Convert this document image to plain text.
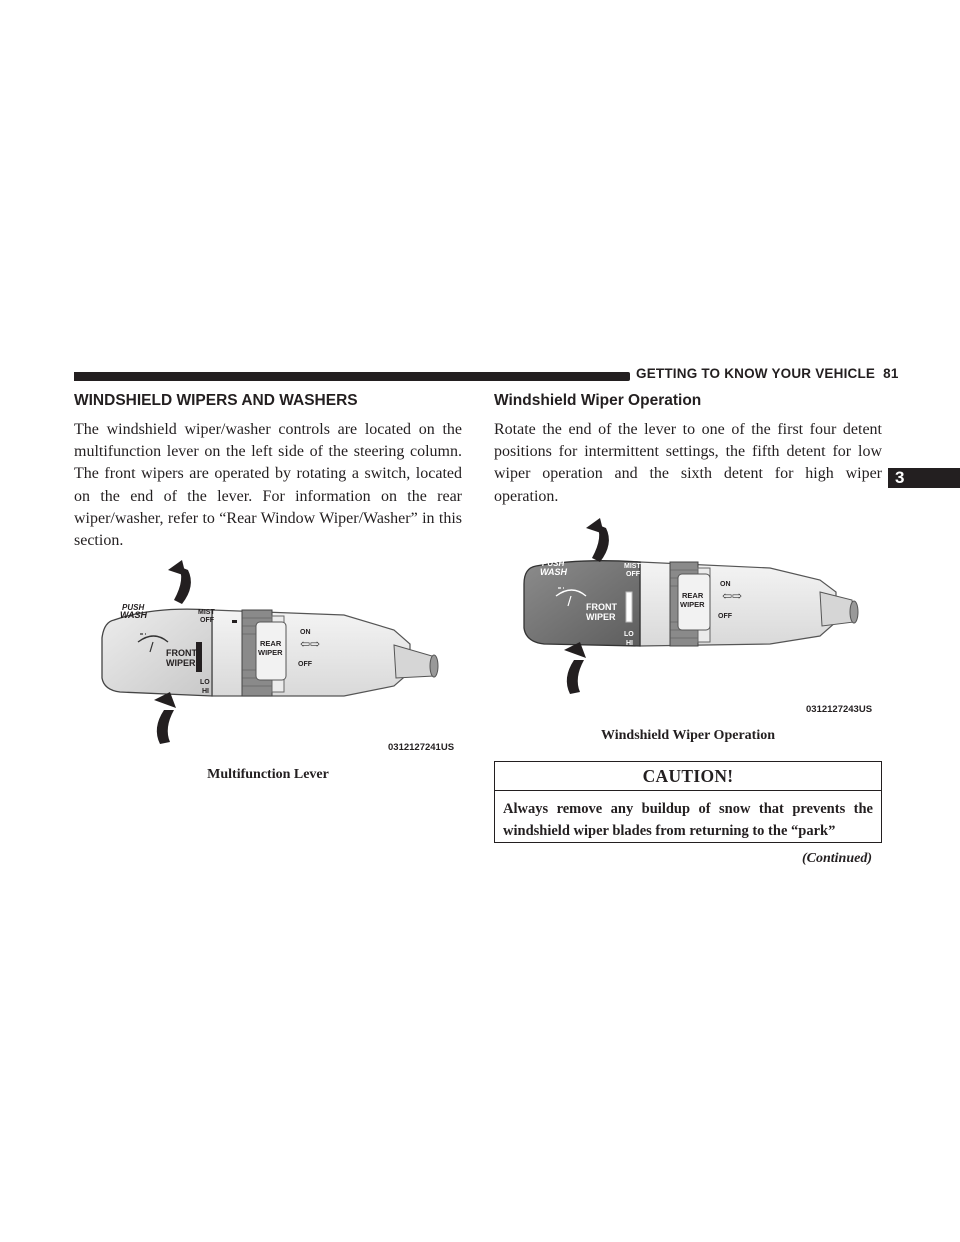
GETTING TO KNOW YOUR VEHICLE 81
3
WINDSHIELD WIPERS AND WASHERS
The windshield wiper/washer controls are located on the multifunction lever on the left side of the steering column. The front wipers are operated by rotating a switch, located on the end of the lever. For information on the rear wiper/washer, refer to “Rear Window Wiper/Washer” in this section.
PUSH
WASH	MIST
OFF
FRONT
WIPER
LO
HI
REAR
WIPER
ON
OFF
⇦⇨
0312127241US
Multifunction Lever
Windshield Wiper Operation
Rotate the end of the lever to one of the first four detent positions for intermittent settings, the fifth detent for low wiper operation and the sixth detent for high wiper operation.
PUSH
WASH
MIST
OFF
FRONT
WIPER
LO
HI
REAR
WIPER
ON
OFF
⇦⇨
0312127243US
Windshield Wiper Operation
CAUTION!
Always remove any buildup of snow that prevents the windshield wiper blades from returning to the “park”
(Continued)
